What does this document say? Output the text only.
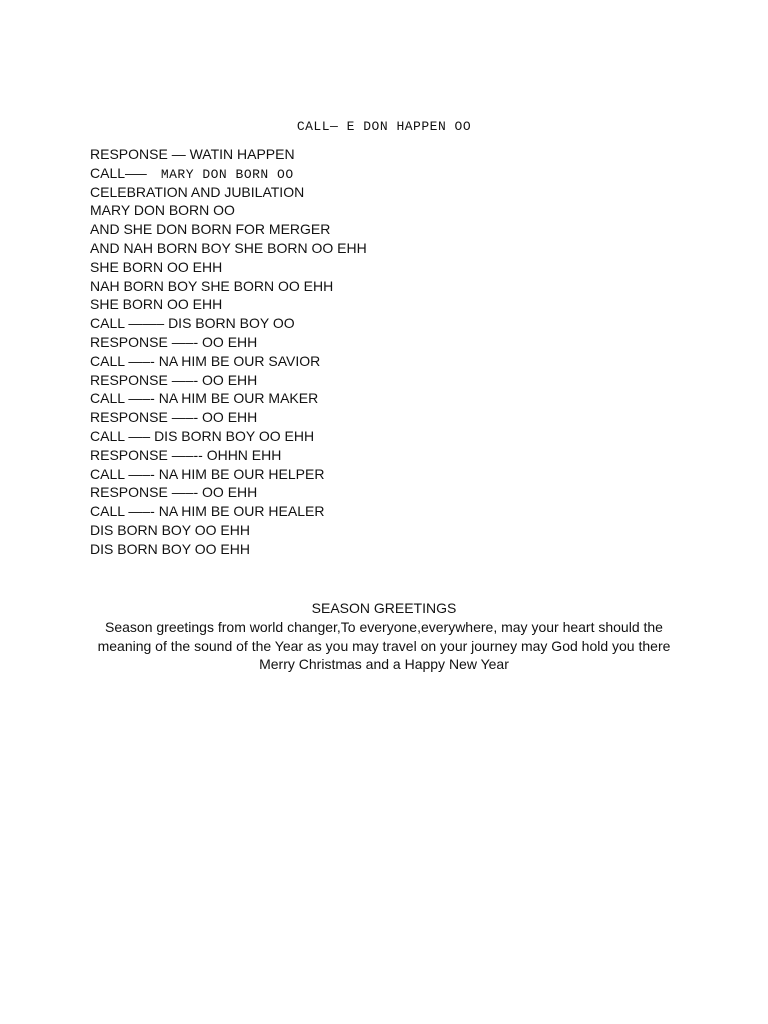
CALL— E DON HAPPEN OO
RESPONSE — WATIN HAPPEN
CALL—– MARY DON BORN OO
CELEBRATION AND JUBILATION
MARY DON BORN OO
AND SHE DON BORN FOR MERGER
AND NAH BORN BOY SHE BORN OO EHH
SHE BORN OO EHH
NAH BORN BOY SHE BORN OO EHH
SHE BORN OO EHH
CALL ——– DIS BORN BOY OO
RESPONSE —–- OO EHH
CALL —–- NA HIM BE OUR SAVIOR
RESPONSE —–- OO EHH
CALL —–- NA HIM BE OUR MAKER
RESPONSE —–- OO EHH
CALL —– DIS BORN BOY OO EHH
RESPONSE —–-- OHHN EHH
CALL —–- NA HIM BE OUR HELPER
RESPONSE —–- OO EHH
CALL —–- NA HIM BE OUR HEALER
DIS BORN BOY OO EHH
DIS BORN BOY OO EHH
SEASON GREETINGS
Season greetings from world changer,To everyone,everywhere, may your heart should the
meaning of the sound of the Year as you may travel on your journey may God hold you there
Merry Christmas and a Happy New Year
